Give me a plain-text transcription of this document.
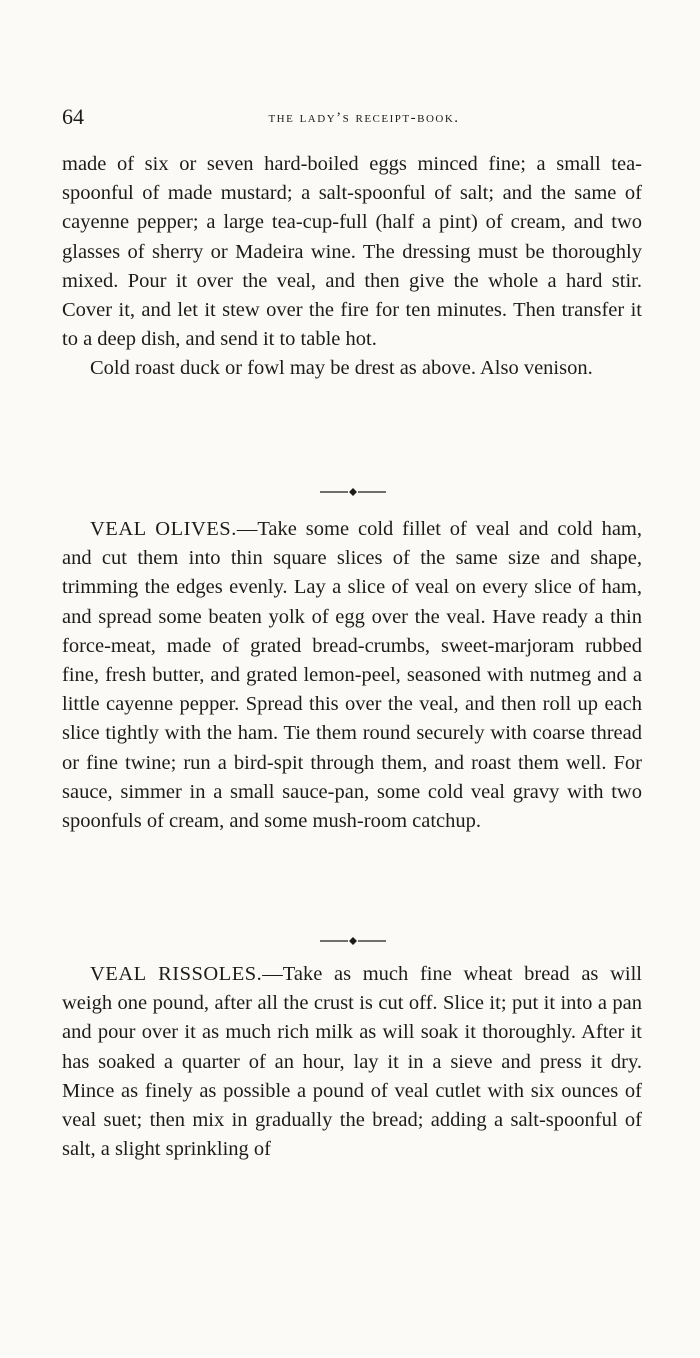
64	the lady’s receipt-book.

made of six or seven hard-boiled eggs minced fine; a small tea-spoonful of made mustard; a salt-spoonful of salt; and the same of cayenne pepper; a large tea-cup-full (half a pint) of cream, and two glasses of sherry or Madeira wine. The dressing must be thoroughly mixed. Pour it over the veal, and then give the whole a hard stir. Cover it, and let it stew over the fire for ten minutes. Then transfer it to a deep dish, and send it to table hot.

Cold roast duck or fowl may be drest as above. Also venison.

VEAL OLIVES.—Take some cold fillet of veal and cold ham, and cut them into thin square slices of the same size and shape, trimming the edges evenly. Lay a slice of veal on every slice of ham, and spread some beaten yolk of egg over the veal. Have ready a thin force-meat, made of grated bread-crumbs, sweet-marjoram rubbed fine, fresh butter, and grated lemon-peel, seasoned with nutmeg and a little cayenne pepper. Spread this over the veal, and then roll up each slice tightly with the ham. Tie them round securely with coarse thread or fine twine; run a bird-spit through them, and roast them well. For sauce, simmer in a small sauce-pan, some cold veal gravy with two spoonfuls of cream, and some mush-room catchup.

VEAL RISSOLES.—Take as much fine wheat bread as will weigh one pound, after all the crust is cut off. Slice it; put it into a pan and pour over it as much rich milk as will soak it thoroughly. After it has soaked a quarter of an hour, lay it in a sieve and press it dry. Mince as finely as possible a pound of veal cutlet with six ounces of veal suet; then mix in gradually the bread; adding a salt-spoonful of salt, a slight sprinkling of
